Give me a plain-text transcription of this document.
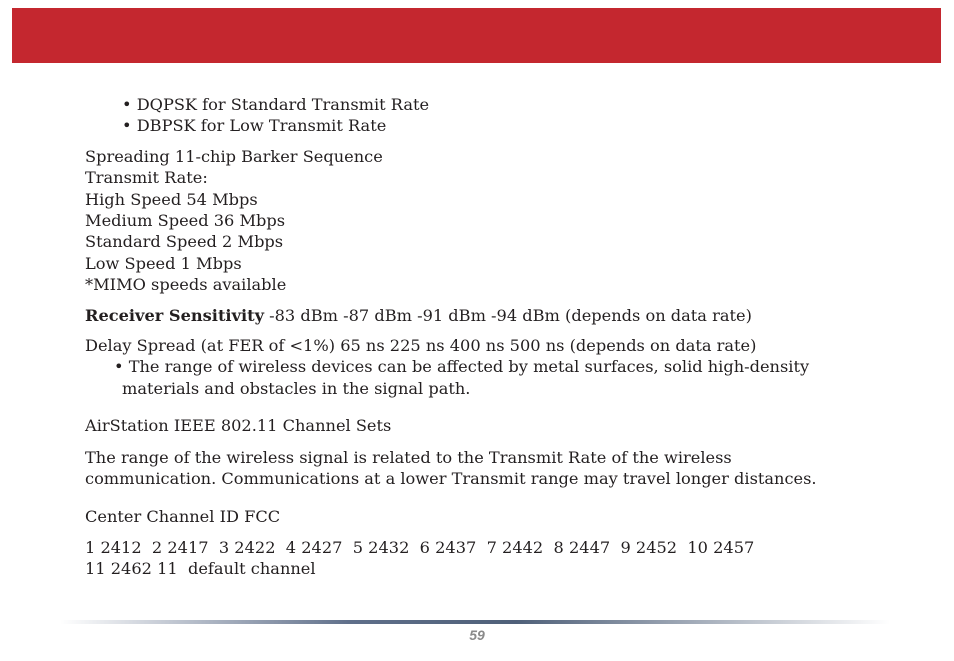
• DQPSK for Standard Transmit Rate
• DBPSK for Low Transmit Rate
Spreading 11-chip Barker Sequence
Transmit Rate:
High Speed 54 Mbps
Medium Speed 36 Mbps
Standard Speed 2 Mbps
Low Speed 1 Mbps
*MIMO speeds available
Receiver Sensitivity -83 dBm -87 dBm -91 dBm -94 dBm (depends on data rate)
Delay Spread (at FER of <1%) 65 ns 225 ns 400 ns 500 ns (depends on data rate)
• The range of wireless devices can be affected by metal surfaces, solid high-density materials and obstacles in the signal path.
AirStation IEEE 802.11 Channel Sets
The range of the wireless signal is related to the Transmit Rate of the wireless
communication. Communications at a lower Transmit range may travel longer distances.
Center Channel ID FCC
1 2412  2 2417  3 2422  4 2427  5 2432  6 2437  7 2442  8 2447  9 2452  10 2457
11 2462 11  default channel
59
